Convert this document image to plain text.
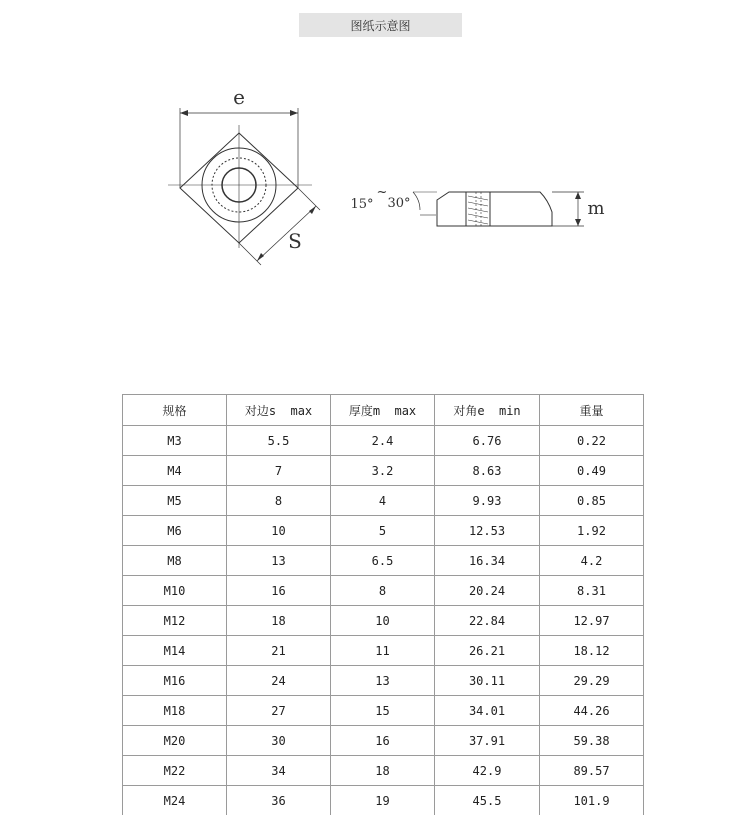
图纸示意图
e
S
m
15°
~
30°
规格	对边s  max	厚度m  max	对角e  min	重量
M3	5.5	2.4	6.76	0.22
M4	7	3.2	8.63	0.49
M5	8	4	9.93	0.85
M6	10	5	12.53	1.92
M8	13	6.5	16.34	4.2
M10	16	8	20.24	8.31
M12	18	10	22.84	12.97
M14	21	11	26.21	18.12
M16	24	13	30.11	29.29
M18	27	15	34.01	44.26
M20	30	16	37.91	59.38
M22	34	18	42.9	89.57
M24	36	19	45.5	101.9
